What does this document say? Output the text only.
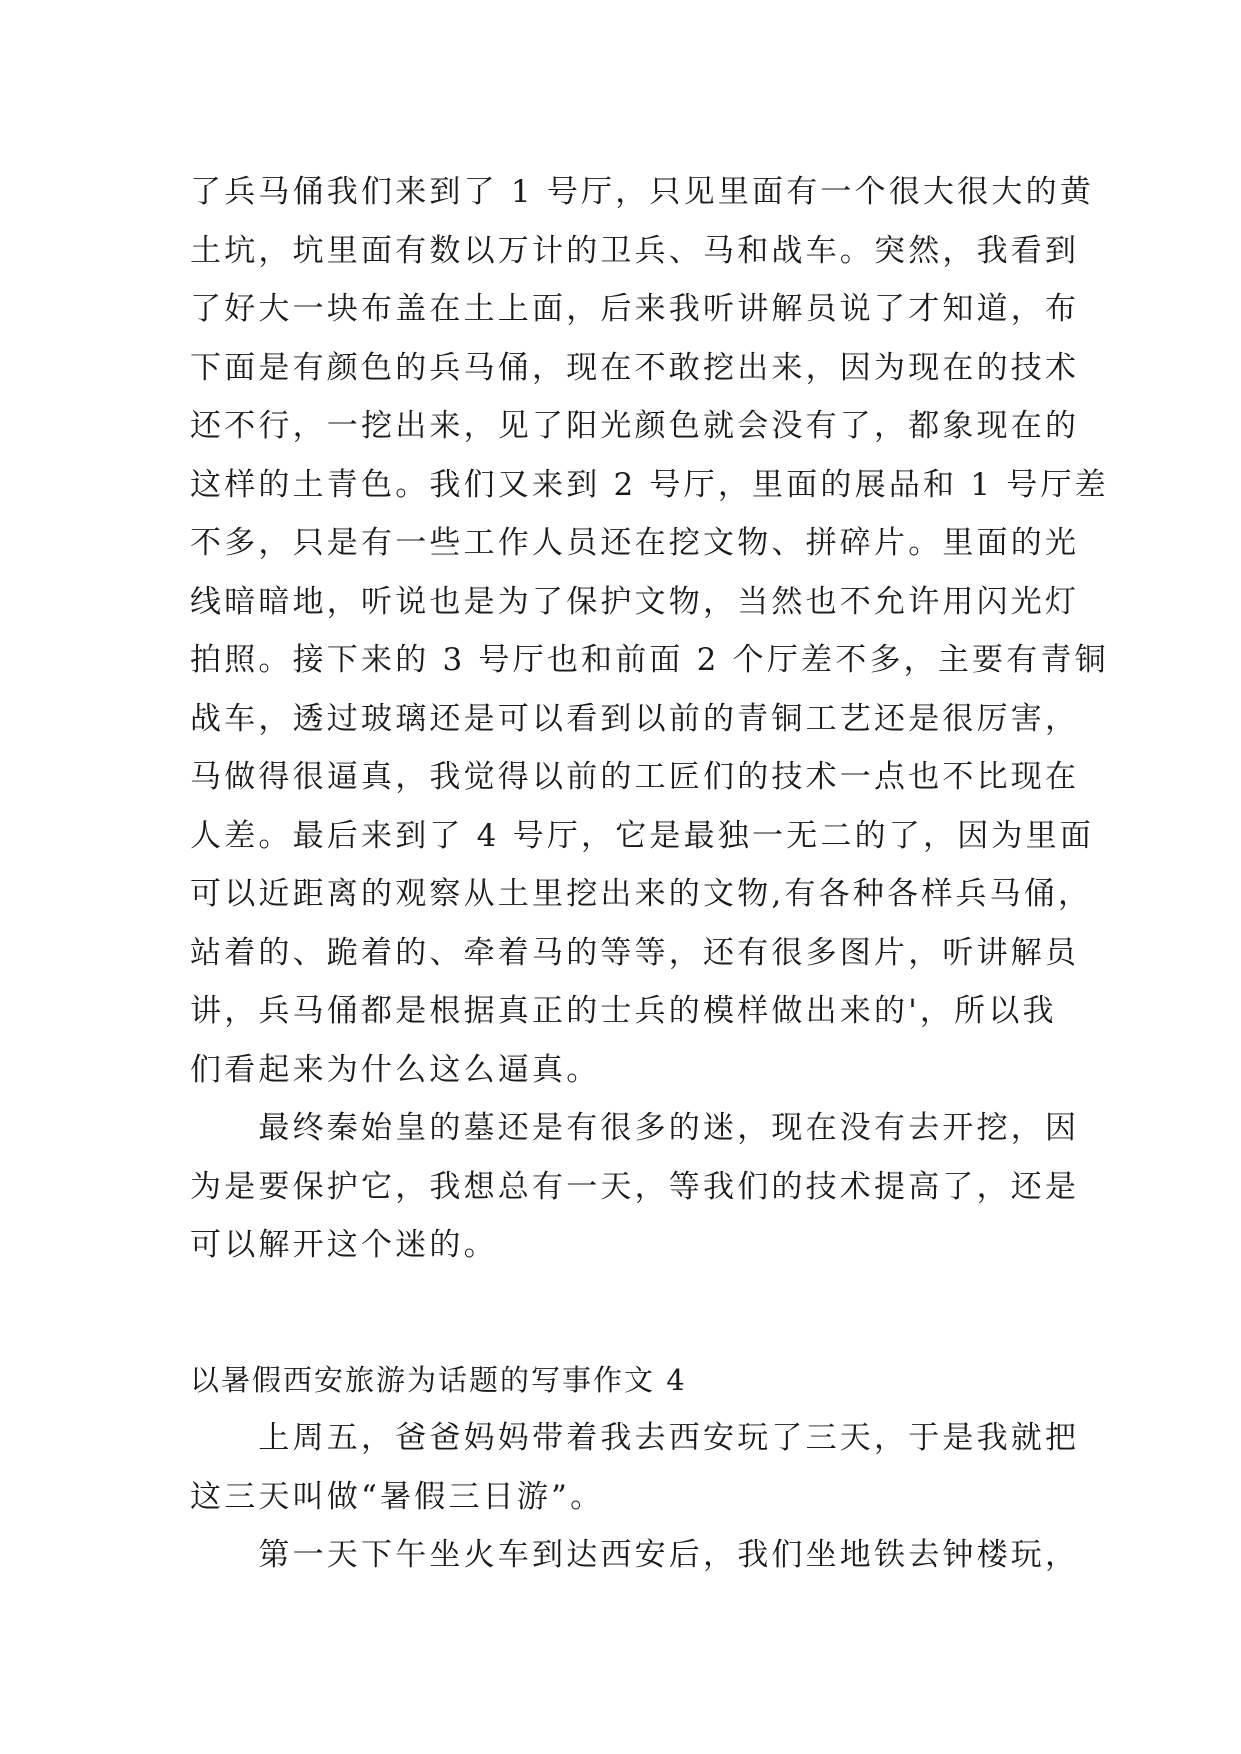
了兵马俑我们来到了 1 号厅，只见里面有一个很大很大的黄
土坑，坑里面有数以万计的卫兵、马和战车。突然，我看到
了好大一块布盖在土上面，后来我听讲解员说了才知道，布
下面是有颜色的兵马俑，现在不敢挖出来，因为现在的技术
还不行，一挖出来，见了阳光颜色就会没有了，都象现在的
这样的土青色。我们又来到 2 号厅，里面的展品和 1 号厅差
不多，只是有一些工作人员还在挖文物、拼碎片。里面的光
线暗暗地，听说也是为了保护文物，当然也不允许用闪光灯
拍照。接下来的 3 号厅也和前面 2 个厅差不多，主要有青铜
战车，透过玻璃还是可以看到以前的青铜工艺还是很厉害，
马做得很逼真，我觉得以前的工匠们的技术一点也不比现在
人差。最后来到了 4 号厅，它是最独一无二的了，因为里面
可以近距离的观察从土里挖出来的文物,有各种各样兵马俑，
站着的、跪着的、牵着马的等等，还有很多图片，听讲解员
讲，兵马俑都是根据真正的士兵的模样做出来的'，所以我
们看起来为什么这么逼真。
　　最终秦始皇的墓还是有很多的迷，现在没有去开挖，因
为是要保护它，我想总有一天，等我们的技术提高了，还是
可以解开这个迷的。
以暑假西安旅游为话题的写事作文 4
　　上周五，爸爸妈妈带着我去西安玩了三天，于是我就把
这三天叫做“暑假三日游”。
　　第一天下午坐火车到达西安后，我们坐地铁去钟楼玩，
